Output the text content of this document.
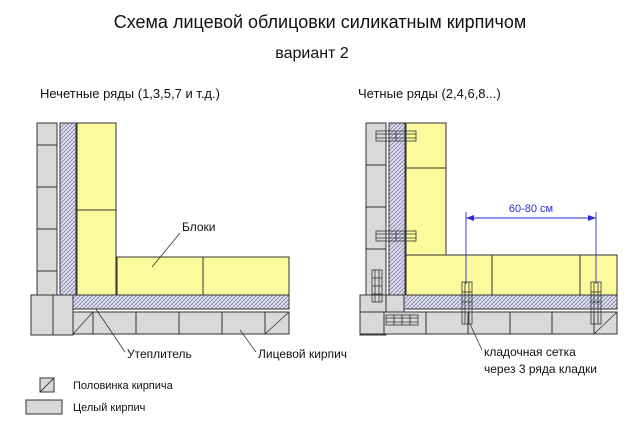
Схема лицевой облицовки силикатным кирпичом
вариант 2
Нечетные ряды (1,3,5,7 и т.д.)	Четные ряды (2,4,6,8...)
Блоки
Утеплитель	Лицевой кирпич
60-80 см
кладочная сетка
через 3 ряда кладки
Половинка кирпича
Целый кирпич
